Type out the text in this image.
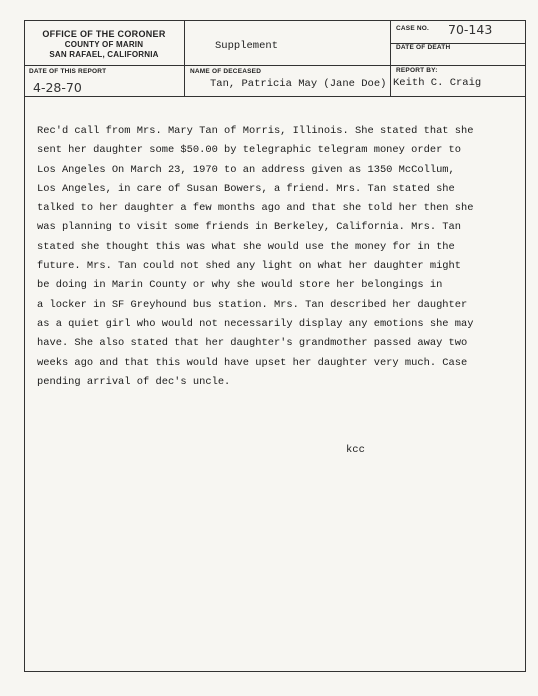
OFFICE OF THE CORONER
COUNTY OF MARIN
SAN RAFAEL, CALIFORNIA
Supplement
CASE NO. 70-143
DATE OF DEATH
DATE OF THIS REPORT
4-28-70
NAME OF DECEASED
Tan, Patricia May (Jane Doe)
REPORT BY:
Keith C. Craig
Rec'd call from Mrs. Mary Tan of Morris, Illinois. She stated that she
sent her daughter some $50.00 by telegraphic telegram money order to
Los Angeles On March 23, 1970 to an address given as 1350 McCollum,
Los Angeles, in care of Susan Bowers, a friend. Mrs. Tan stated she
talked to her daughter a few months ago and that she told her then she
was planning to visit some friends in Berkeley, California. Mrs. Tan
stated she thought this was what she would use the money for in the
future. Mrs. Tan could not shed any light on what her daughter might
be doing in Marin County or why she would store her belongings in
a locker in SF Greyhound bus station. Mrs. Tan described her daughter
as a quiet girl who would not necessarily display any emotions she may
have. She also stated that her daughter's grandmother passed away two
weeks ago and that this would have upset her daughter very much. Case
pending arrival of dec's uncle.
kcc
